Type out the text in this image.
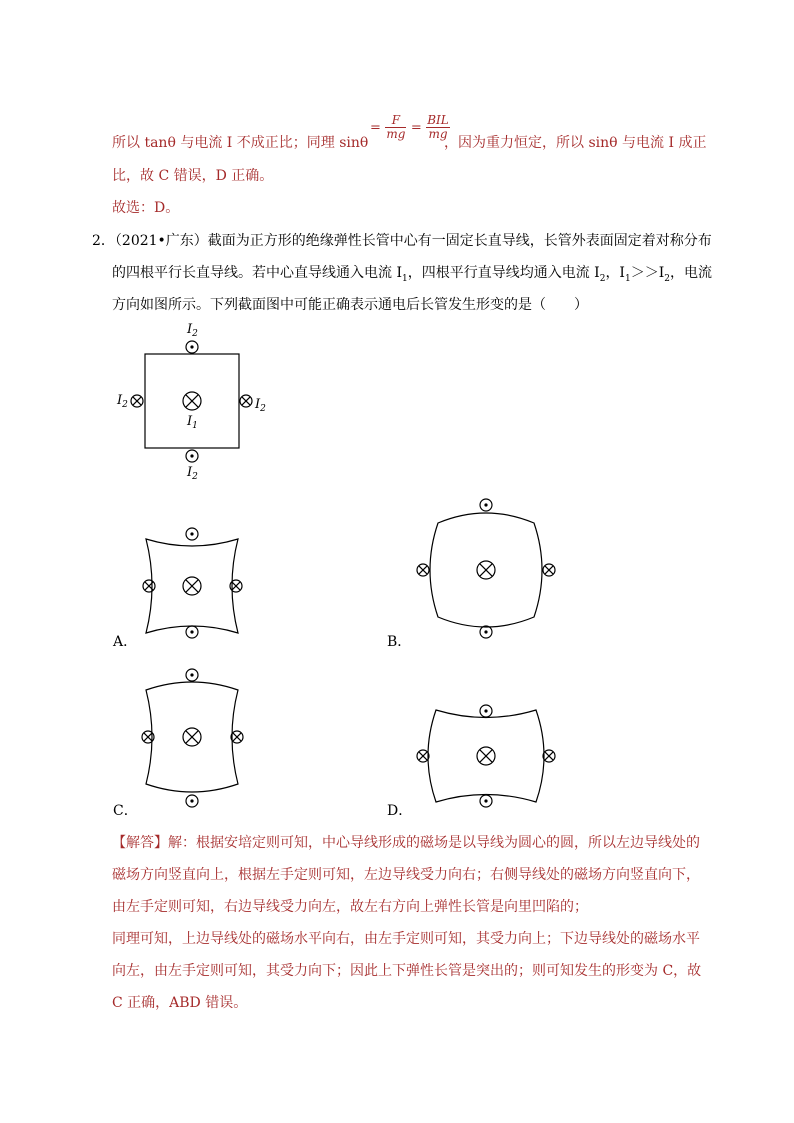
= $\frac{F}{mg} = \frac{\text{BIL}}{mg}$
所以 tanθ 与电流 I 不成正比；同理 sinθ	，因为重力恒定，所以 sinθ 与电流 I 成正
比，故 C 错误，D 正确。
故选：D。
2．（2021•广东）截面为正方形的绝缘弹性长管中心有一固定长直导线，长管外表面固定着对称分布
的四根平行长直导线。若中心直导线通入电流 $I_1$，四根平行直导线均通入电流 $I_2$，$I_1>>I_2$，电流
方向如图所示。下列截面图中可能正确表示通电后长管发生形变的是（　　）
$I_2$
$I_2$	$I_2$
$I_1$
$I_2$
A．	B．
C．	D．
【解答】解：根据安培定则可知，中心导线形成的磁场是以导线为圆心的圆，所以左边导线处的
磁场方向竖直向上，根据左手定则可知，左边导线受力向右；右侧导线处的磁场方向竖直向下，
由左手定则可知，右边导线受力向左，故左右方向上弹性长管是向里凹陷的；
同理可知，上边导线处的磁场水平向右，由左手定则可知，其受力向上；下边导线处的磁场水平
向左，由左手定则可知，其受力向下；因此上下弹性长管是突出的；则可知发生的形变为 C，故
C 正确，ABD 错误。
